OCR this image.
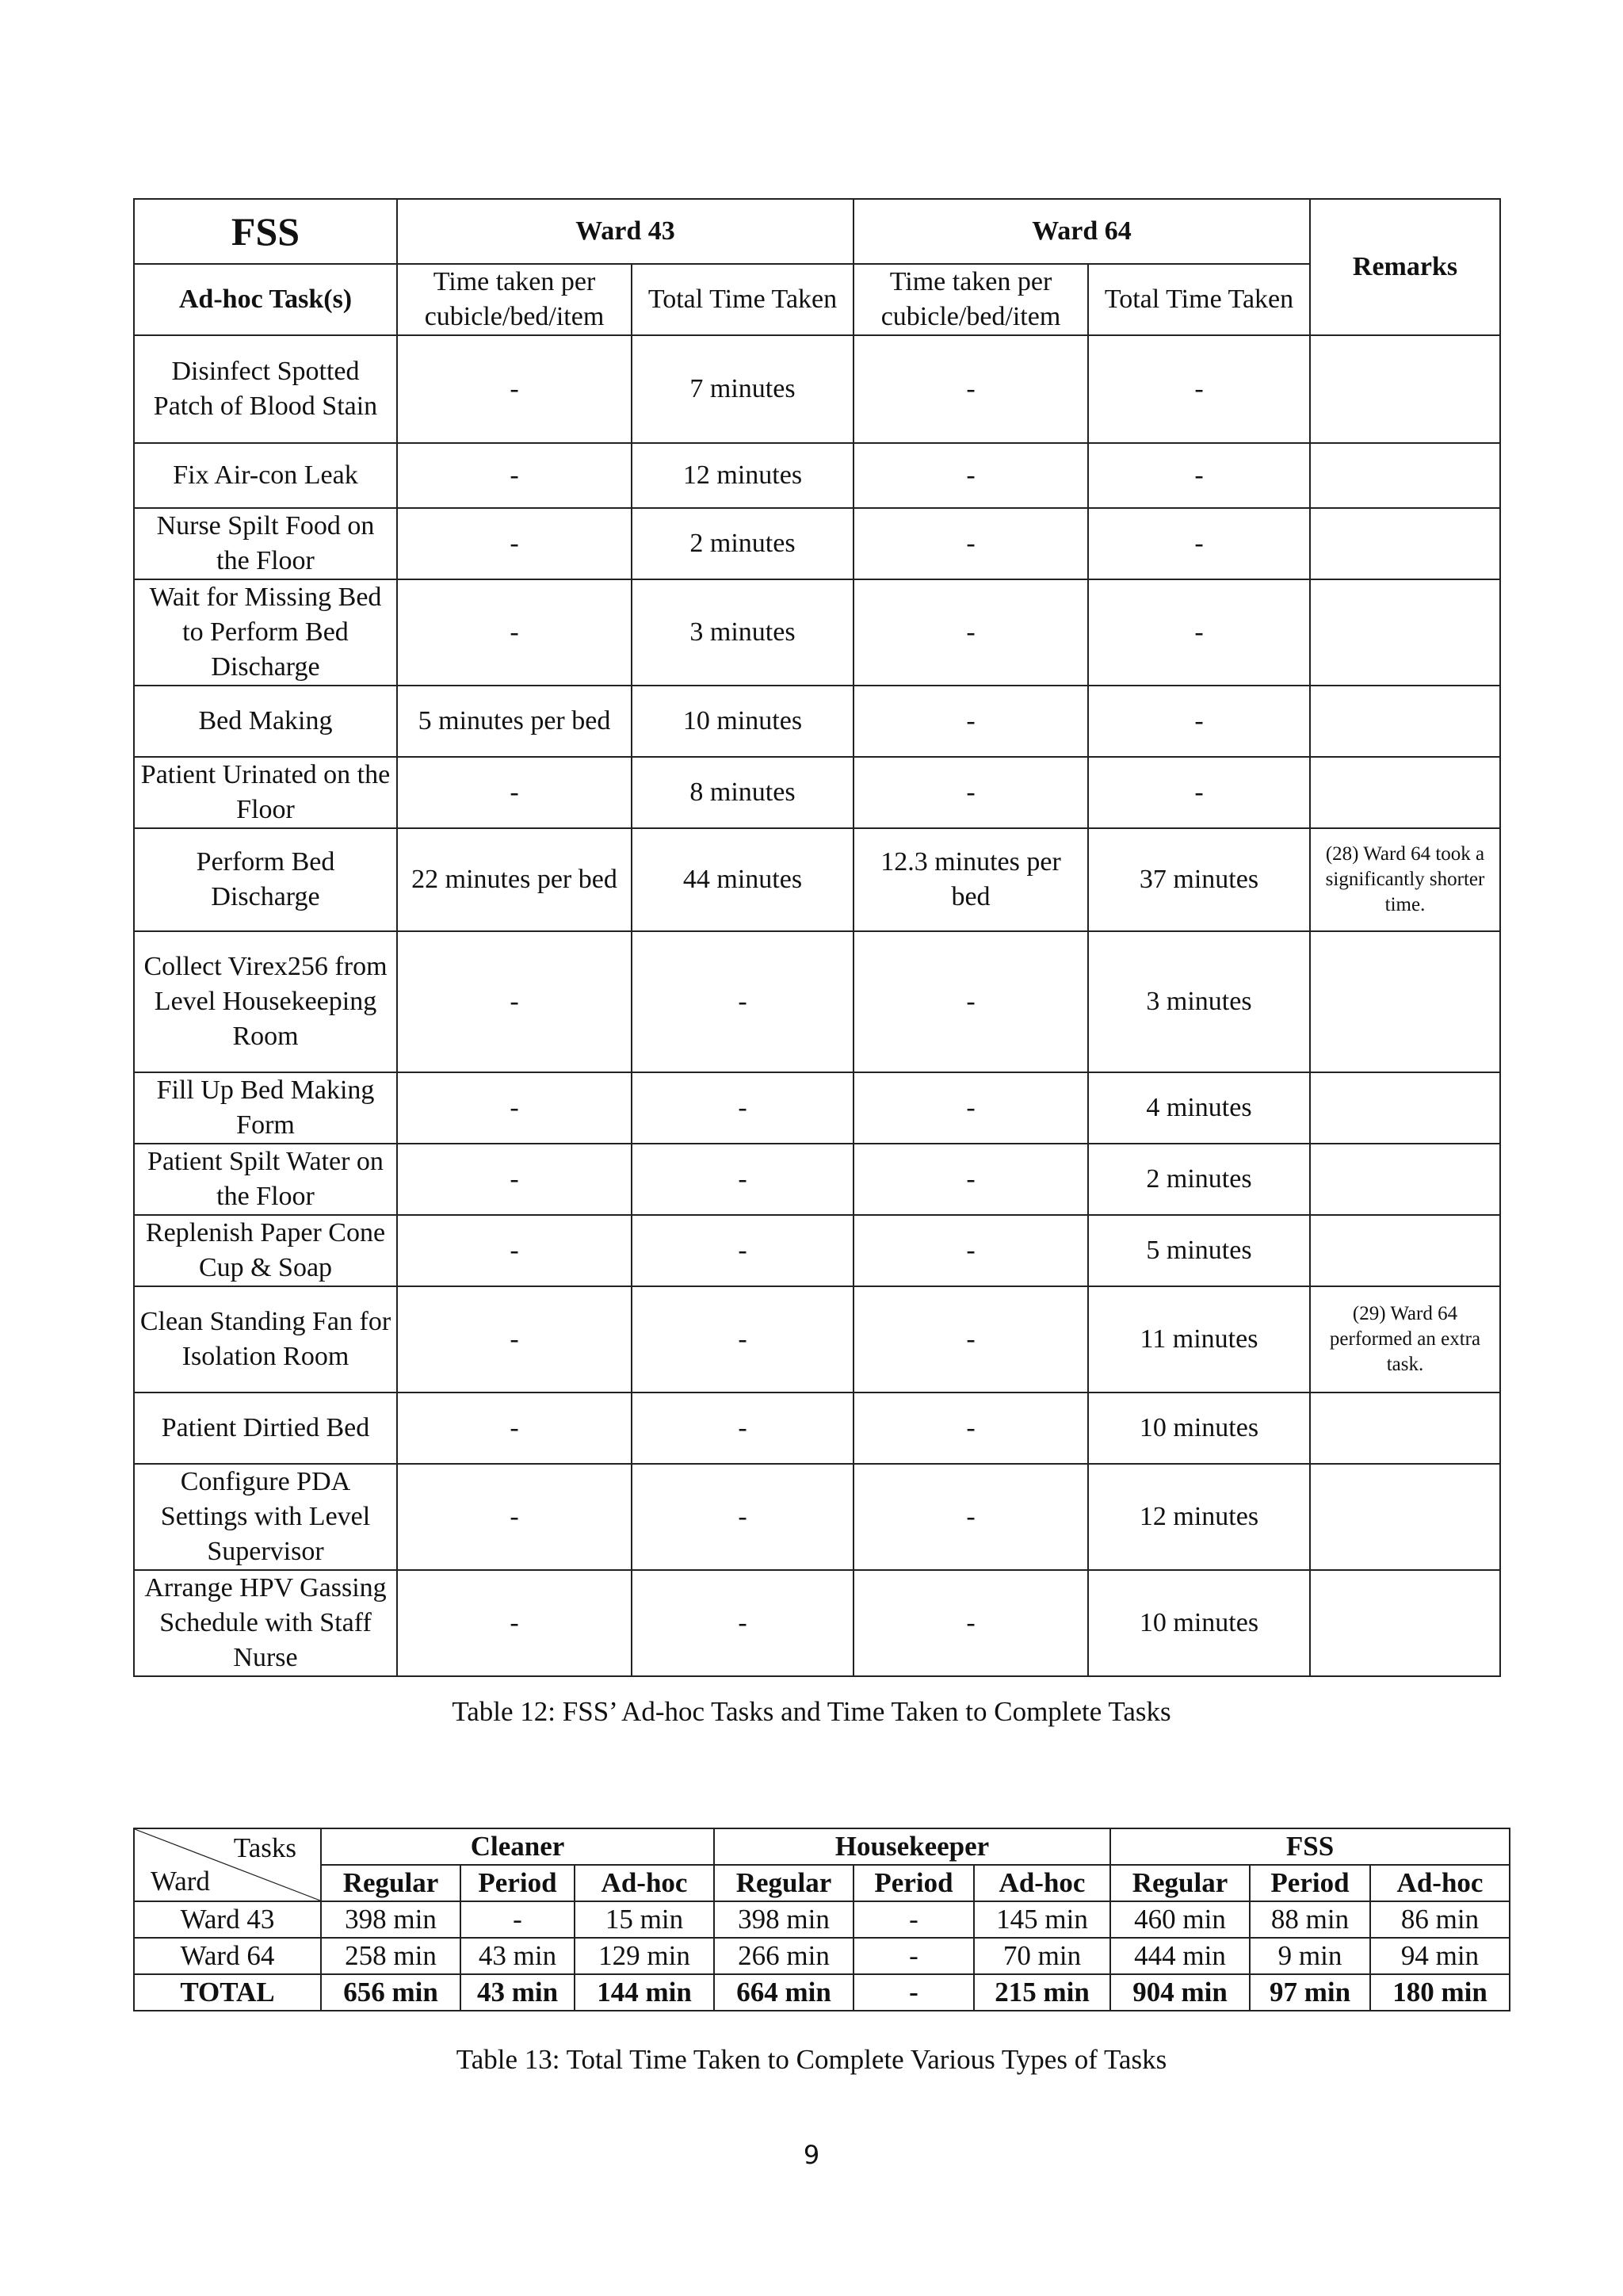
FSS	Ward 43		Ward 64		Remarks
Ad-hoc Task(s)	Time taken per cubicle/bed/item	Total Time Taken	Time taken per cubicle/bed/item	Total Time Taken	
Disinfect Spotted Patch of Blood Stain	-	7 minutes	-	-	
Fix Air-con Leak	-	12 minutes	-	-	
Nurse Spilt Food on the Floor	-	2 minutes	-	-	
Wait for Missing Bed to Perform Bed Discharge	-	3 minutes	-	-	
Bed Making	5 minutes per bed	10 minutes	-	-	
Patient Urinated on the Floor	-	8 minutes	-	-	
Perform Bed Discharge	22 minutes per bed	44 minutes	12.3 minutes per bed	37 minutes	(28) Ward 64 took a significantly shorter time.
Collect Virex256 from Level Housekeeping Room	-	-	-	3 minutes	
Fill Up Bed Making Form	-	-	-	4 minutes	
Patient Spilt Water on the Floor	-	-	-	2 minutes	
Replenish Paper Cone Cup & Soap	-	-	-	5 minutes	
Clean Standing Fan for Isolation Room	-	-	-	11 minutes	(29) Ward 64 performed an extra task.
Patient Dirtied Bed	-	-	-	10 minutes	
Configure PDA Settings with Level Supervisor	-	-	-	12 minutes	
Arrange HPV Gassing Schedule with Staff Nurse	-	-	-	10 minutes	
Table 12: FSS’ Ad-hoc Tasks and Time Taken to Complete Tasks
Tasks
Ward	Cleaner			Housekeeper			FSS		
	Regular	Period	Ad-hoc	Regular	Period	Ad-hoc	Regular	Period	Ad-hoc
Ward 43	398 min	-	15 min	398 min	-	145 min	460 min	88 min	86 min
Ward 64	258 min	43 min	129 min	266 min	-	70 min	444 min	9 min	94 min
TOTAL	656 min	43 min	144 min	664 min	-	215 min	904 min	97 min	180 min
Table 13: Total Time Taken to Complete Various Types of Tasks
9
